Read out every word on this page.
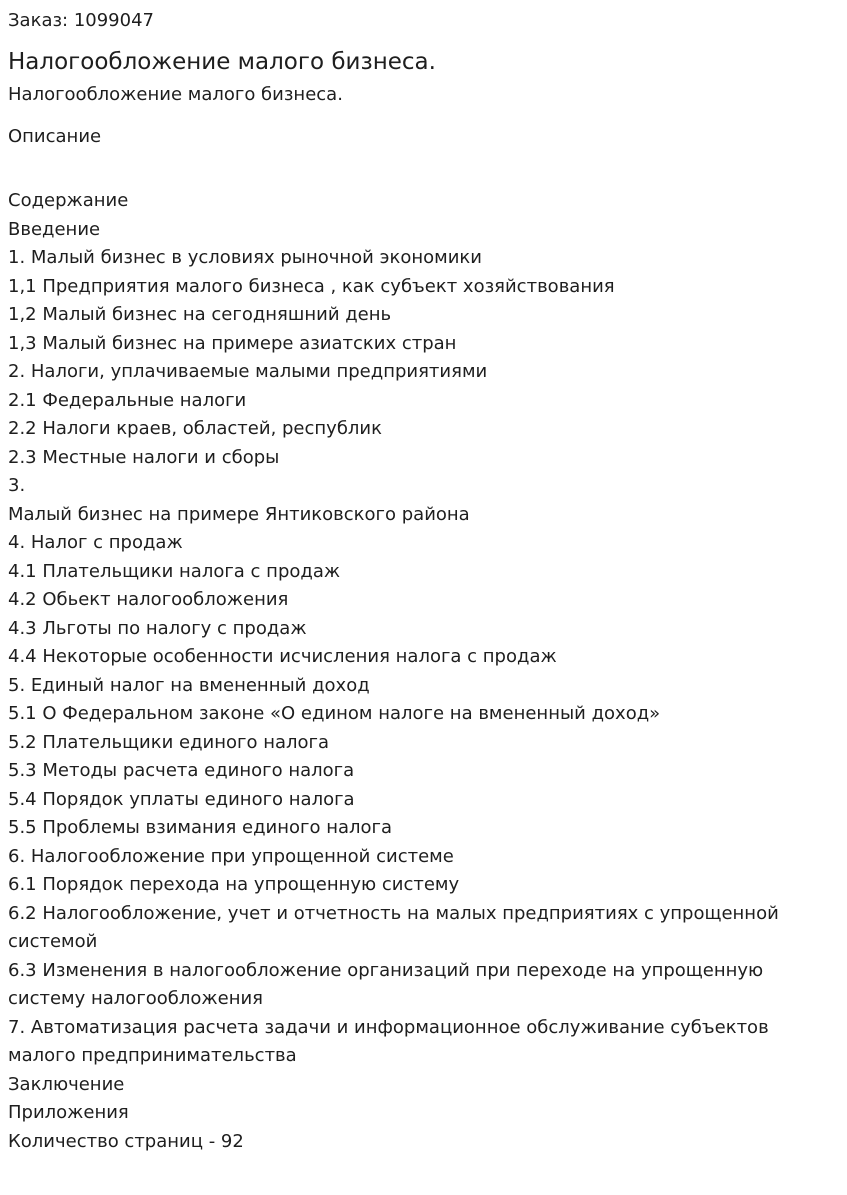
Заказ: 1099047

Налогообложение малого бизнеса.

Налогообложение малого бизнеса.

Описание

Содержание
Введение
1. Малый бизнес в условиях рыночной экономики
1,1 Предприятия малого бизнеса , как субъект хозяйствования
1,2 Малый бизнес на сегодняшний день
1,3 Малый бизнес на примере азиатских стран
2. Налоги, уплачиваемые малыми предприятиями
2.1 Федеральные налоги
2.2 Налоги краев, областей, республик
2.3 Местные налоги и сборы
3.
Малый бизнес на примере Янтиковского района
4. Налог с продаж
4.1 Плательщики налога с продаж
4.2 Обьект налогообложения
4.3 Льготы по налогу с продаж
4.4 Некоторые особенности исчисления налога с продаж
5. Единый налог на вмененный доход
5.1 О Федеральном законе «О едином налоге на вмененный доход»
5.2 Плательщики единого налога
5.3 Методы расчета единого налога
5.4 Порядок уплаты единого налога
5.5 Проблемы взимания единого налога
6. Налогообложение при упрощенной системе
6.1 Порядок перехода на упрощенную систему
6.2 Налогообложение, учет и отчетность на малых предприятиях с упрощенной системой
6.3 Изменения в налогообложение организаций при переходе на упрощенную систему налогообложения
7. Автоматизация расчета задачи и информационное обслуживание субъектов малого предпринимательства
Заключение
Приложения

Количество страниц - 92
